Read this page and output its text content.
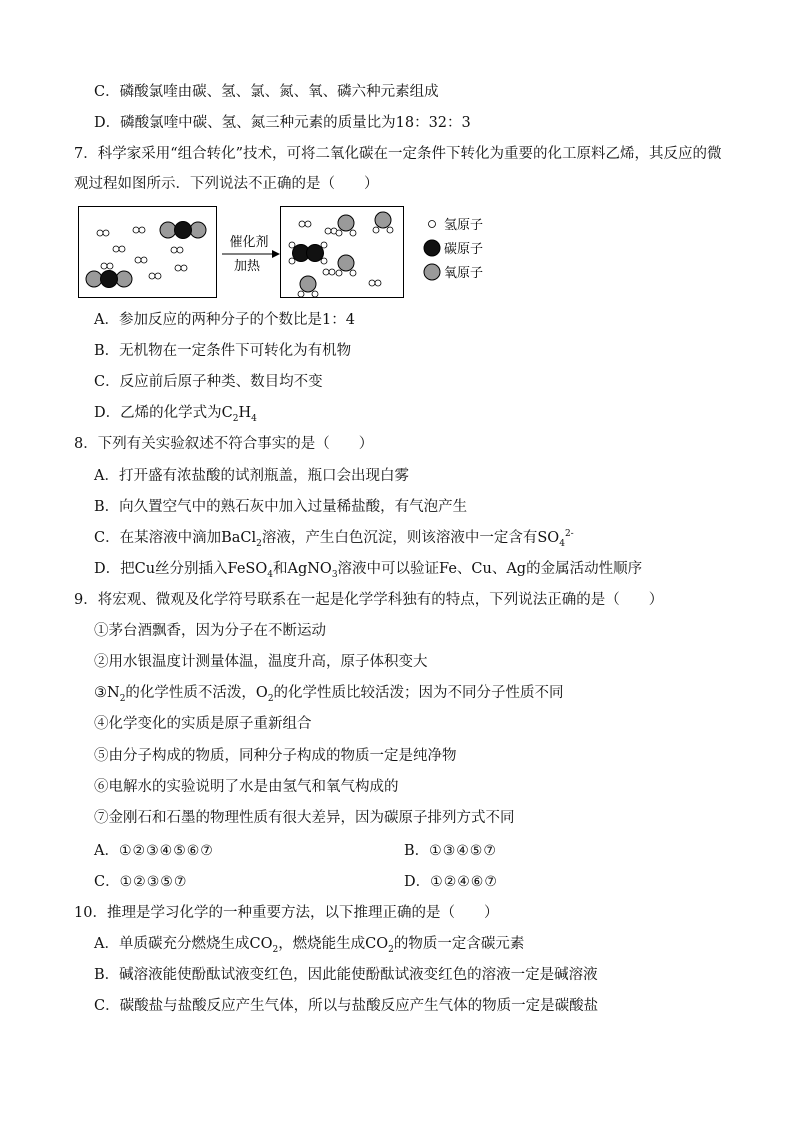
C．磷酸氯喹由碳、氢、氯、氮、氧、磷六种元素组成
D．磷酸氯喹中碳、氢、氮三种元素的质量比为18：32：3
7．科学家采用“组合转化”技术，可将二氧化碳在一定条件下转化为重要的化工原料乙烯，其反应的微
观过程如图所示．下列说法不正确的是（　　）
催化剂
加热
氢原子
碳原子
氧原子
A．参加反应的两种分子的个数比是1：4
B．无机物在一定条件下可转化为有机物
C．反应前后原子种类、数目均不变
D．乙烯的化学式为$C_2H_4$
8．下列有关实验叙述不符合事实的是（　　）
A．打开盛有浓盐酸的试剂瓶盖，瓶口会出现白雾
B．向久置空气中的熟石灰中加入过量稀盐酸，有气泡产生
C．在某溶液中滴加BaCl$_2$溶液，产生白色沉淀，则该溶液中一定含有$SO_4^{2-}$
D．把Cu丝分别插入FeSO$_4$和AgNO$_3$溶液中可以验证Fe、Cu、Ag的金属活动性顺序
9．将宏观、微观及化学符号联系在一起是化学学科独有的特点，下列说法正确的是（　　）
①茅台酒飘香，因为分子在不断运动
②用水银温度计测量体温，温度升高，原子体积变大
$③N_2$的化学性质不活泼，$O_2$的化学性质比较活泼；因为不同分子性质不同
④化学变化的实质是原子重新组合
⑤由分子构成的物质，同种分子构成的物质一定是纯净物
⑥电解水的实验说明了水是由氢气和氧气构成的
⑦金刚石和石墨的物理性质有很大差异，因为碳原子排列方式不同
A．①②③④⑤⑥⑦	B．①③④⑤⑦
C．①②③⑤⑦	D．①②④⑥⑦
10．推理是学习化学的一种重要方法，以下推理正确的是（　　）
A．单质碳充分燃烧生成$CO_2$，燃烧能生成$CO_2$的物质一定含碳元素
B．碱溶液能使酚酞试液变红色，因此能使酚酞试液变红色的溶液一定是碱溶液
C．碳酸盐与盐酸反应产生气体，所以与盐酸反应产生气体的物质一定是碳酸盐
